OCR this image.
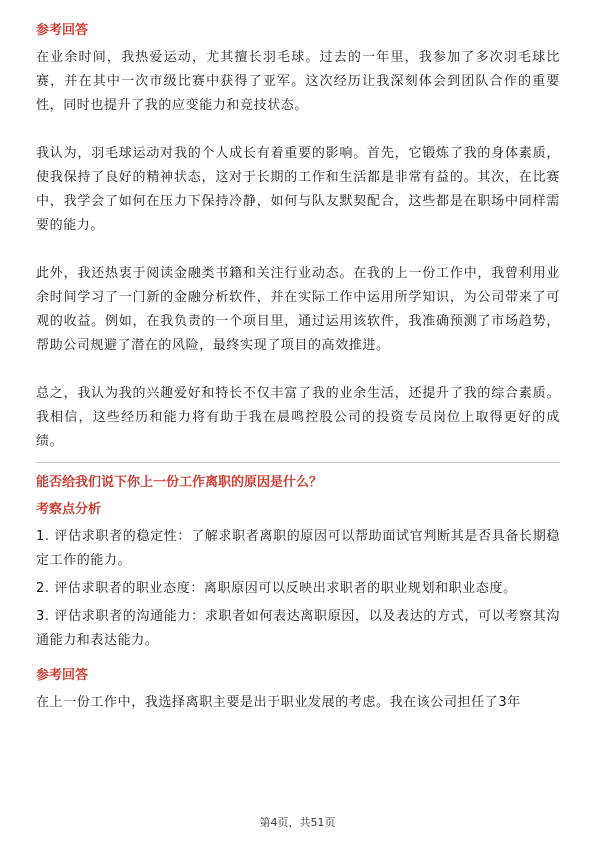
参考回答

在业余时间，我热爱运动，尤其擅长羽毛球。过去的一年里，我参加了多次羽毛球比赛，并在其中一次市级比赛中获得了亚军。这次经历让我深刻体会到团队合作的重要性，同时也提升了我的应变能力和竞技状态。

我认为，羽毛球运动对我的个人成长有着重要的影响。首先，它锻炼了我的身体素质，使我保持了良好的精神状态，这对于长期的工作和生活都是非常有益的。其次，在比赛中，我学会了如何在压力下保持冷静，如何与队友默契配合，这些都是在职场中同样需要的能力。

此外，我还热衷于阅读金融类书籍和关注行业动态。在我的上一份工作中，我曾利用业余时间学习了一门新的金融分析软件，并在实际工作中运用所学知识，为公司带来了可观的收益。例如，在我负责的一个项目里，通过运用该软件，我准确预测了市场趋势，帮助公司规避了潜在的风险，最终实现了项目的高效推进。

总之，我认为我的兴趣爱好和特长不仅丰富了我的业余生活，还提升了我的综合素质。我相信，这些经历和能力将有助于我在晨鸣控股公司的投资专员岗位上取得更好的成绩。

能否给我们说下你上一份工作离职的原因是什么？
考察点分析

1. 评估求职者的稳定性：了解求职者离职的原因可以帮助面试官判断其是否具备长期稳定工作的能力。

2. 评估求职者的职业态度：离职原因可以反映出求职者的职业规划和职业态度。

3. 评估求职者的沟通能力：求职者如何表达离职原因，以及表达的方式，可以考察其沟通能力和表达能力。

参考回答

在上一份工作中，我选择离职主要是出于职业发展的考虑。我在该公司担任了3年

第4页，共51页
